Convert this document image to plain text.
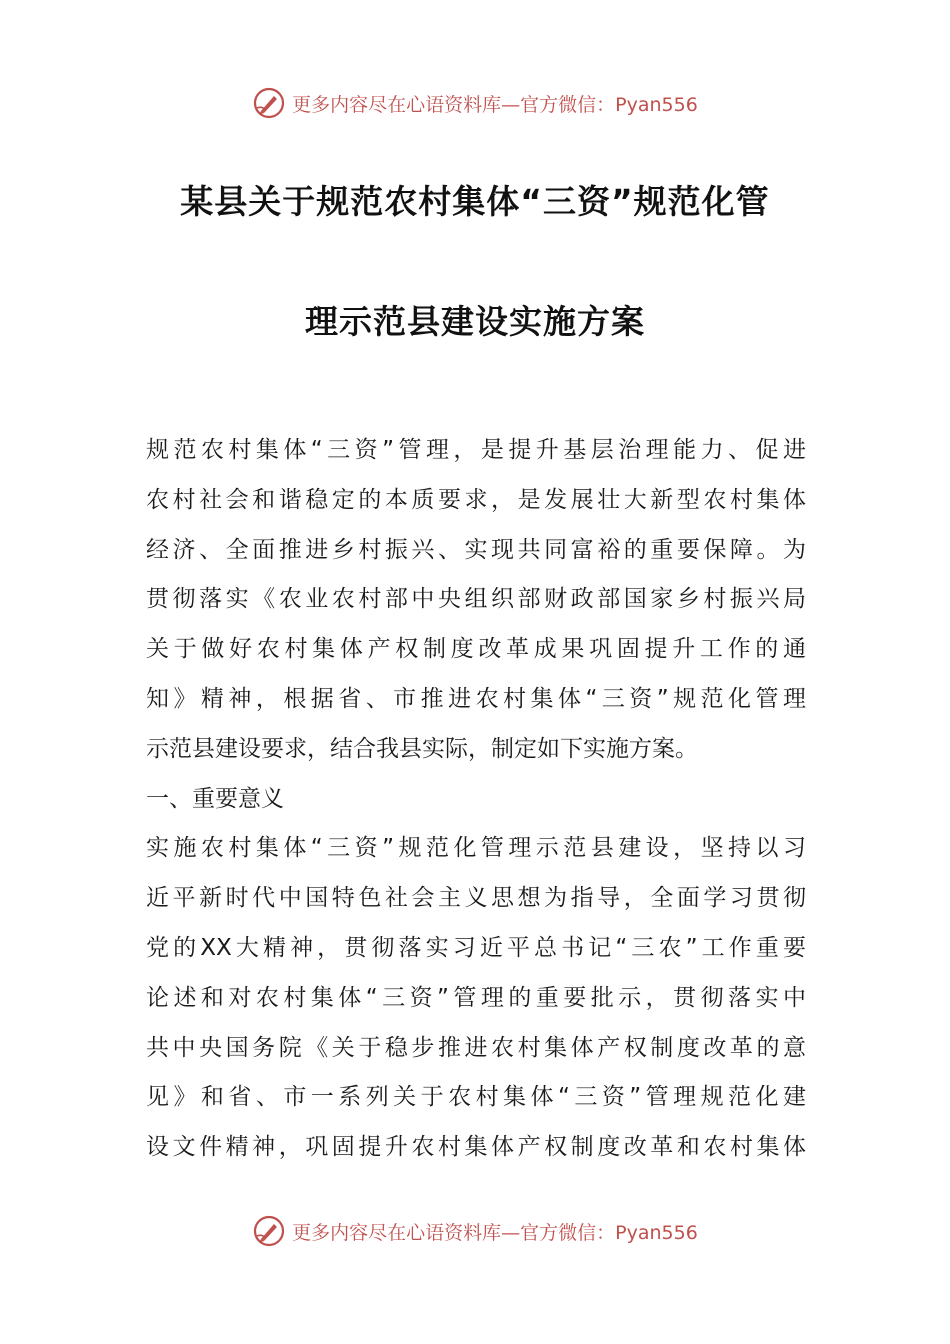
更多内容尽在心语资料库—官方微信：Pyan556
某县关于规范农村集体“三资”规范化管
理示范县建设实施方案
规范农村集体“三资”管理，是提升基层治理能力、促进
农村社会和谐稳定的本质要求，是发展壮大新型农村集体
经济、全面推进乡村振兴、实现共同富裕的重要保障。为
贯彻落实《农业农村部中央组织部财政部国家乡村振兴局
关于做好农村集体产权制度改革成果巩固提升工作的通
知》精神，根据省、市推进农村集体“三资”规范化管理
示范县建设要求，结合我县实际，制定如下实施方案。
一、重要意义
实施农村集体“三资”规范化管理示范县建设，坚持以习
近平新时代中国特色社会主义思想为指导，全面学习贯彻
党的XX大精神，贯彻落实习近平总书记“三农”工作重要
论述和对农村集体“三资”管理的重要批示，贯彻落实中
共中央国务院《关于稳步推进农村集体产权制度改革的意
见》和省、市一系列关于农村集体“三资”管理规范化建
设文件精神，巩固提升农村集体产权制度改革和农村集体
更多内容尽在心语资料库—官方微信：Pyan556
